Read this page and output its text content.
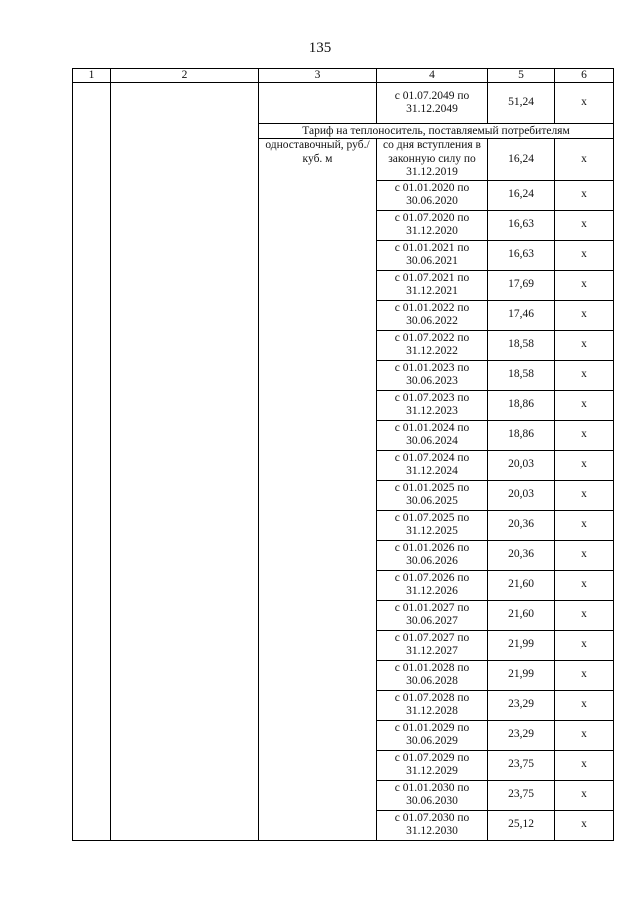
135
1	2	3	4	5	6
			с 01.07.2049 по 31.12.2049	51,24	х
		Тариф на теплоноситель, поставляемый потребителям			
		одноставочный, руб./куб. м	со дня вступления в законную силу по 31.12.2019	16,24	х
			с 01.01.2020 по 30.06.2020	16,24	х
			с 01.07.2020 по 31.12.2020	16,63	х
			с 01.01.2021 по 30.06.2021	16,63	х
			с 01.07.2021 по 31.12.2021	17,69	х
			с 01.01.2022 по 30.06.2022	17,46	х
			с 01.07.2022 по 31.12.2022	18,58	х
			с 01.01.2023 по 30.06.2023	18,58	х
			с 01.07.2023 по 31.12.2023	18,86	х
			с 01.01.2024 по 30.06.2024	18,86	х
			с 01.07.2024 по 31.12.2024	20,03	х
			с 01.01.2025 по 30.06.2025	20,03	х
			с 01.07.2025 по 31.12.2025	20,36	х
			с 01.01.2026 по 30.06.2026	20,36	х
			с 01.07.2026 по 31.12.2026	21,60	х
			с 01.01.2027 по 30.06.2027	21,60	х
			с 01.07.2027 по 31.12.2027	21,99	х
			с 01.01.2028 по 30.06.2028	21,99	х
			с 01.07.2028 по 31.12.2028	23,29	х
			с 01.01.2029 по 30.06.2029	23,29	х
			с 01.07.2029 по 31.12.2029	23,75	х
			с 01.01.2030 по 30.06.2030	23,75	х
			с 01.07.2030 по 31.12.2030	25,12	х
